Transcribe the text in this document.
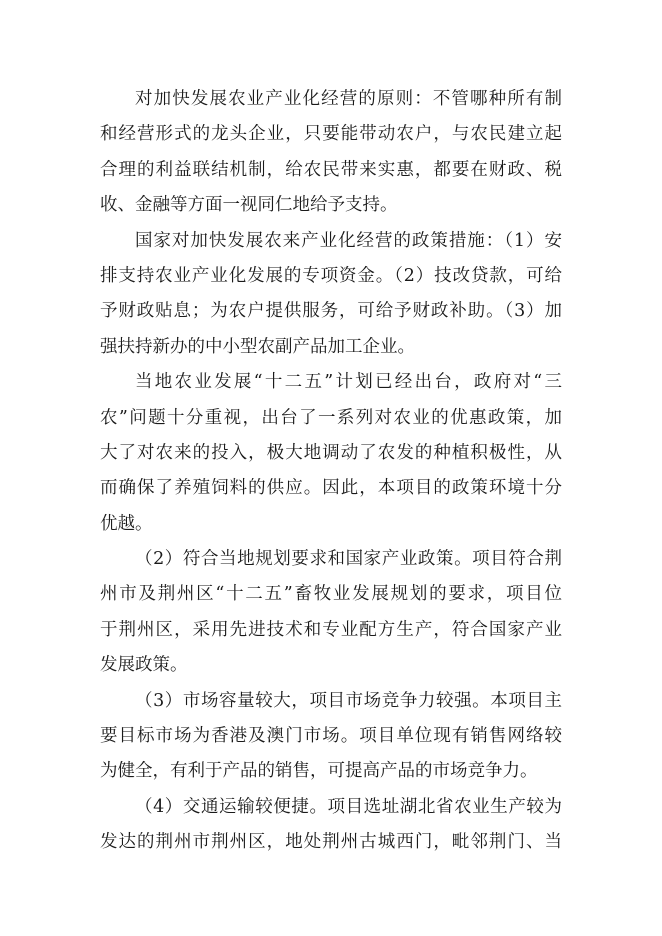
对加快发展农业产业化经营的原则：不管哪种所有制
和经营形式的龙头企业，只要能带动农户，与农民建立起
合理的利益联结机制，给农民带来实惠，都要在财政、税
收、金融等方面一视同仁地给予支持。
国家对加快发展农来产业化经营的政策措施：（1）安
排支持农业产业化发展的专项资金。（2）技改贷款，可给
予财政贴息；为农户提供服务，可给予财政补助。（3）加
强扶持新办的中小型农副产品加工企业。
当地农业发展“十二五”计划已经出台，政府对“三
农”问题十分重视，出台了一系列对农业的优惠政策，加
大了对农来的投入，极大地调动了农发的种植积极性，从
而确保了养殖饲料的供应。因此，本项目的政策环境十分
优越。
（2）符合当地规划要求和国家产业政策。项目符合荆
州市及荆州区“十二五”畜牧业发展规划的要求，项目位
于荆州区，采用先进技术和专业配方生产，符合国家产业
发展政策。
（3）市场容量较大，项目市场竞争力较强。本项目主
要目标市场为香港及澳门市场。项目单位现有销售网络较
为健全，有利于产品的销售，可提高产品的市场竞争力。
（4）交通运输较便捷。项目选址湖北省农业生产较为
发达的荆州市荆州区，地处荆州古城西门，毗邻荆门、当
